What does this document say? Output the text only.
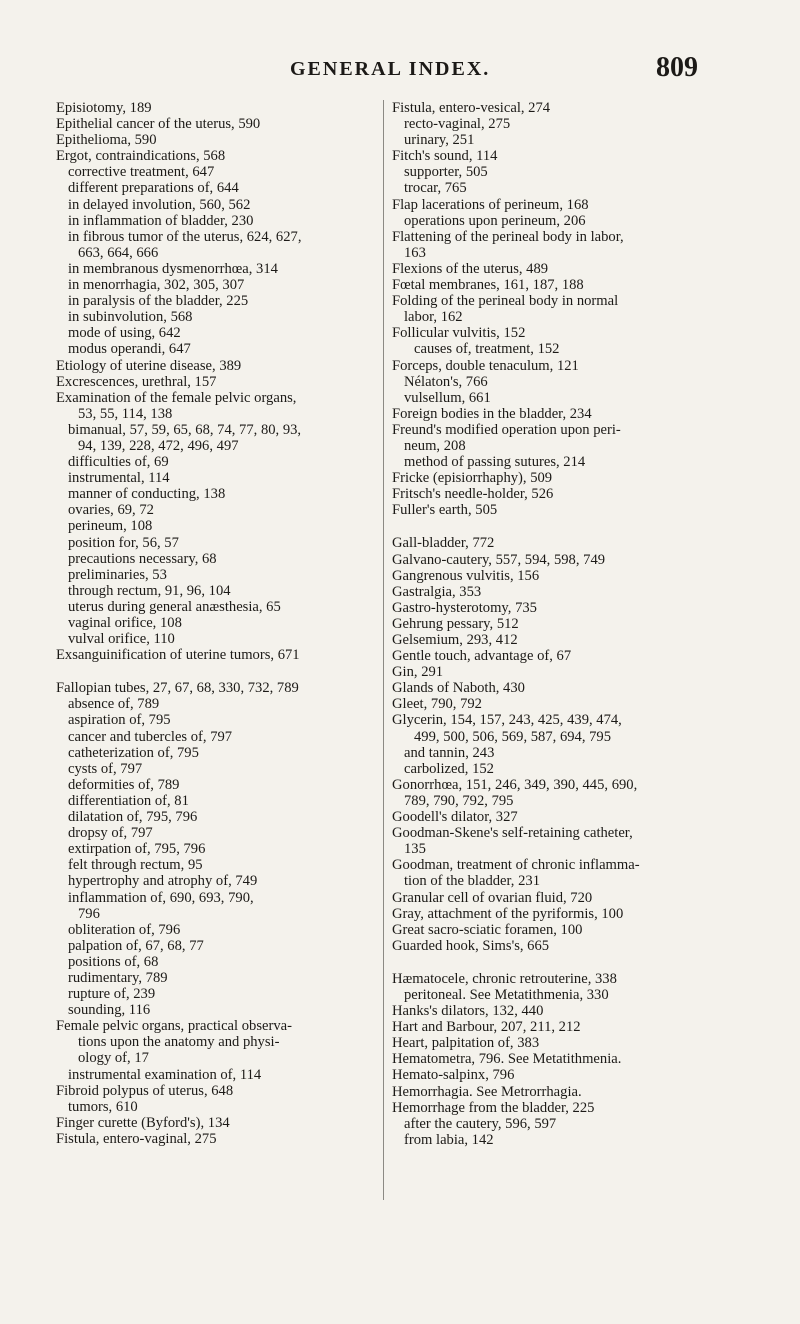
GENERAL INDEX.	809
Episiotomy, 189
Epithelial cancer of the uterus, 590
Epithelioma, 590
Ergot, contraindications, 568
corrective treatment, 647
different preparations of, 644
in delayed involution, 560, 562
in inflammation of bladder, 230
in fibrous tumor of the uterus, 624, 627,
663, 664, 666
in membranous dysmenorrhœa, 314
in menorrhagia, 302, 305, 307
in paralysis of the bladder, 225
in subinvolution, 568
mode of using, 642
modus operandi, 647
Etiology of uterine disease, 389
Excrescences, urethral, 157
Examination of the female pelvic organs,
53, 55, 114, 138
bimanual, 57, 59, 65, 68, 74, 77, 80, 93,
94, 139, 228, 472, 496, 497
difficulties of, 69
instrumental, 114
manner of conducting, 138
ovaries, 69, 72
perineum, 108
position for, 56, 57
precautions necessary, 68
preliminaries, 53
through rectum, 91, 96, 104
uterus during general anæsthesia, 65
vaginal orifice, 108
vulval orifice, 110
Exsanguinification of uterine tumors, 671
Fallopian tubes, 27, 67, 68, 330, 732, 789
absence of, 789
aspiration of, 795
cancer and tubercles of, 797
catheterization of, 795
cysts of, 797
deformities of, 789
differentiation of, 81
dilatation of, 795, 796
dropsy of, 797
extirpation of, 795, 796
felt through rectum, 95
hypertrophy and atrophy of, 749
inflammation of, 690, 693, 790,
796
obliteration of, 796
palpation of, 67, 68, 77
positions of, 68
rudimentary, 789
rupture of, 239
sounding, 116
Female pelvic organs, practical observa-
tions upon the anatomy and physi-
ology of, 17
instrumental examination of, 114
Fibroid polypus of uterus, 648
tumors, 610
Finger curette (Byford's), 134
Fistula, entero-vaginal, 275
Fistula, entero-vesical, 274
recto-vaginal, 275
urinary, 251
Fitch's sound, 114
supporter, 505
trocar, 765
Flap lacerations of perineum, 168
operations upon perineum, 206
Flattening of the perineal body in labor,
163
Flexions of the uterus, 489
Fœtal membranes, 161, 187, 188
Folding of the perineal body in normal
labor, 162
Follicular vulvitis, 152
causes of, treatment, 152
Forceps, double tenaculum, 121
Nélaton's, 766
vulsellum, 661
Foreign bodies in the bladder, 234
Freund's modified operation upon peri-
neum, 208
method of passing sutures, 214
Fricke (episiorrhaphy), 509
Fritsch's needle-holder, 526
Fuller's earth, 505
Gall-bladder, 772
Galvano-cautery, 557, 594, 598, 749
Gangrenous vulvitis, 156
Gastralgia, 353
Gastro-hysterotomy, 735
Gehrung pessary, 512
Gelsemium, 293, 412
Gentle touch, advantage of, 67
Gin, 291
Glands of Naboth, 430
Gleet, 790, 792
Glycerin, 154, 157, 243, 425, 439, 474,
499, 500, 506, 569, 587, 694, 795
and tannin, 243
carbolized, 152
Gonorrhœa, 151, 246, 349, 390, 445, 690,
789, 790, 792, 795
Goodell's dilator, 327
Goodman-Skene's self-retaining catheter,
135
Goodman, treatment of chronic inflamma-
tion of the bladder, 231
Granular cell of ovarian fluid, 720
Gray, attachment of the pyriformis, 100
Great sacro-sciatic foramen, 100
Guarded hook, Sims's, 665
Hæmatocele, chronic retrouterine, 338
peritoneal. See Metatithmenia, 330
Hanks's dilators, 132, 440
Hart and Barbour, 207, 211, 212
Heart, palpitation of, 383
Hematometra, 796. See Metatithmenia.
Hemato-salpinx, 796
Hemorrhagia. See Metrorrhagia.
Hemorrhage from the bladder, 225
after the cautery, 596, 597
from labia, 142
